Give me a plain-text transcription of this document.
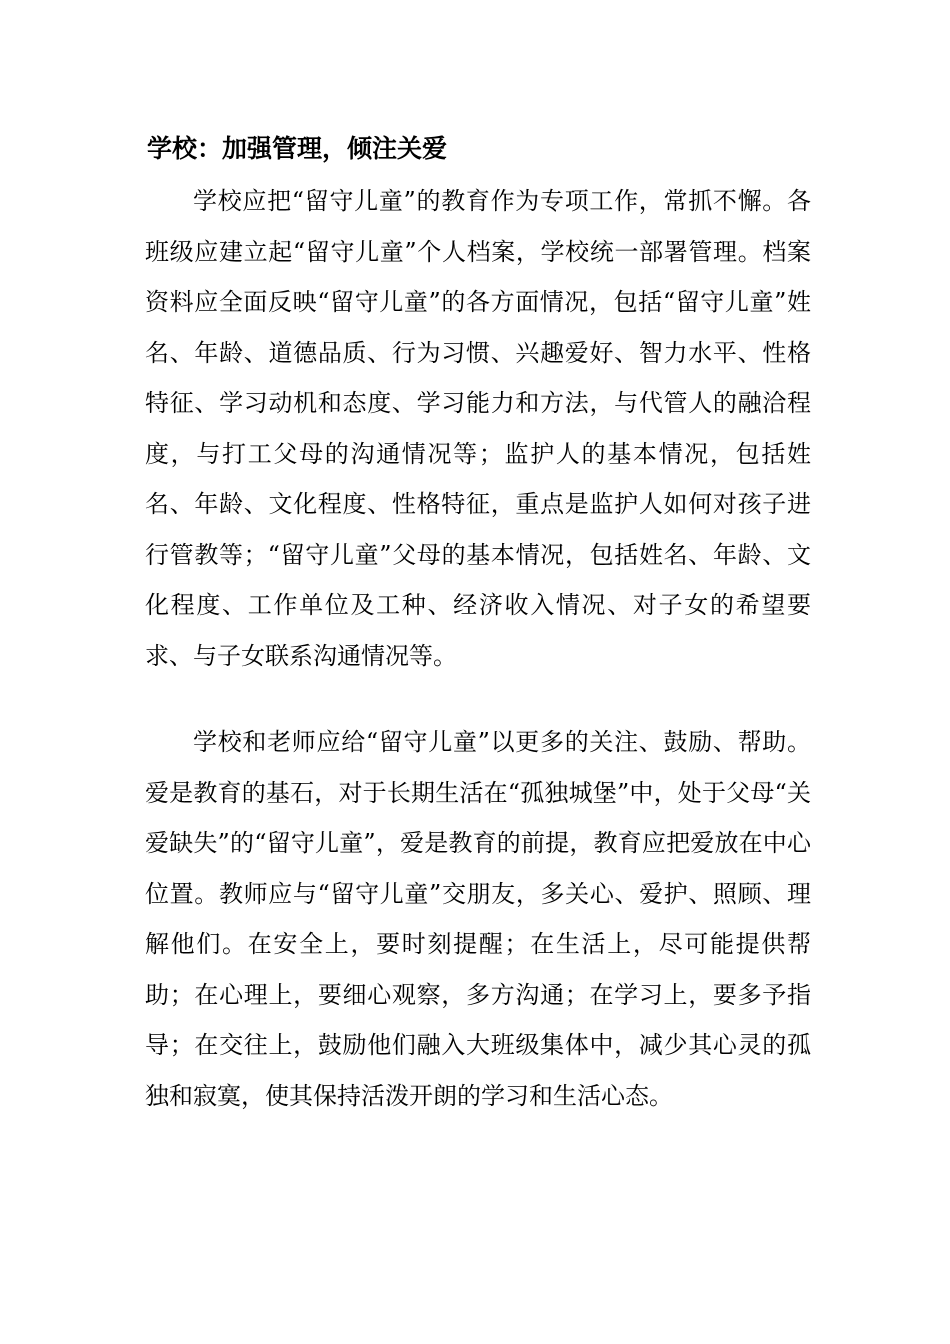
学校：加强管理，倾注关爱

学校应把“留守儿童”的教育作为专项工作，常抓不懈。各班级应建立起“留守儿童”个人档案，学校统一部署管理。档案资料应全面反映“留守儿童”的各方面情况，包括“留守儿童”姓名、年龄、道德品质、行为习惯、兴趣爱好、智力水平、性格特征、学习动机和态度、学习能力和方法，与代管人的融洽程度，与打工父母的沟通情况等；监护人的基本情况，包括姓名、年龄、文化程度、性格特征，重点是监护人如何对孩子进行管教等；“留守儿童”父母的基本情况，包括姓名、年龄、文化程度、工作单位及工种、经济收入情况、对子女的希望要求、与子女联系沟通情况等。

学校和老师应给“留守儿童”以更多的关注、鼓励、帮助。爱是教育的基石，对于长期生活在“孤独城堡”中，处于父母“关爱缺失”的“留守儿童”，爱是教育的前提，教育应把爱放在中心位置。教师应与“留守儿童”交朋友，多关心、爱护、照顾、理解他们。在安全上，要时刻提醒；在生活上，尽可能提供帮助；在心理上，要细心观察，多方沟通；在学习上，要多予指导；在交往上，鼓励他们融入大班级集体中，减少其心灵的孤独和寂寞，使其保持活泼开朗的学习和生活心态。
